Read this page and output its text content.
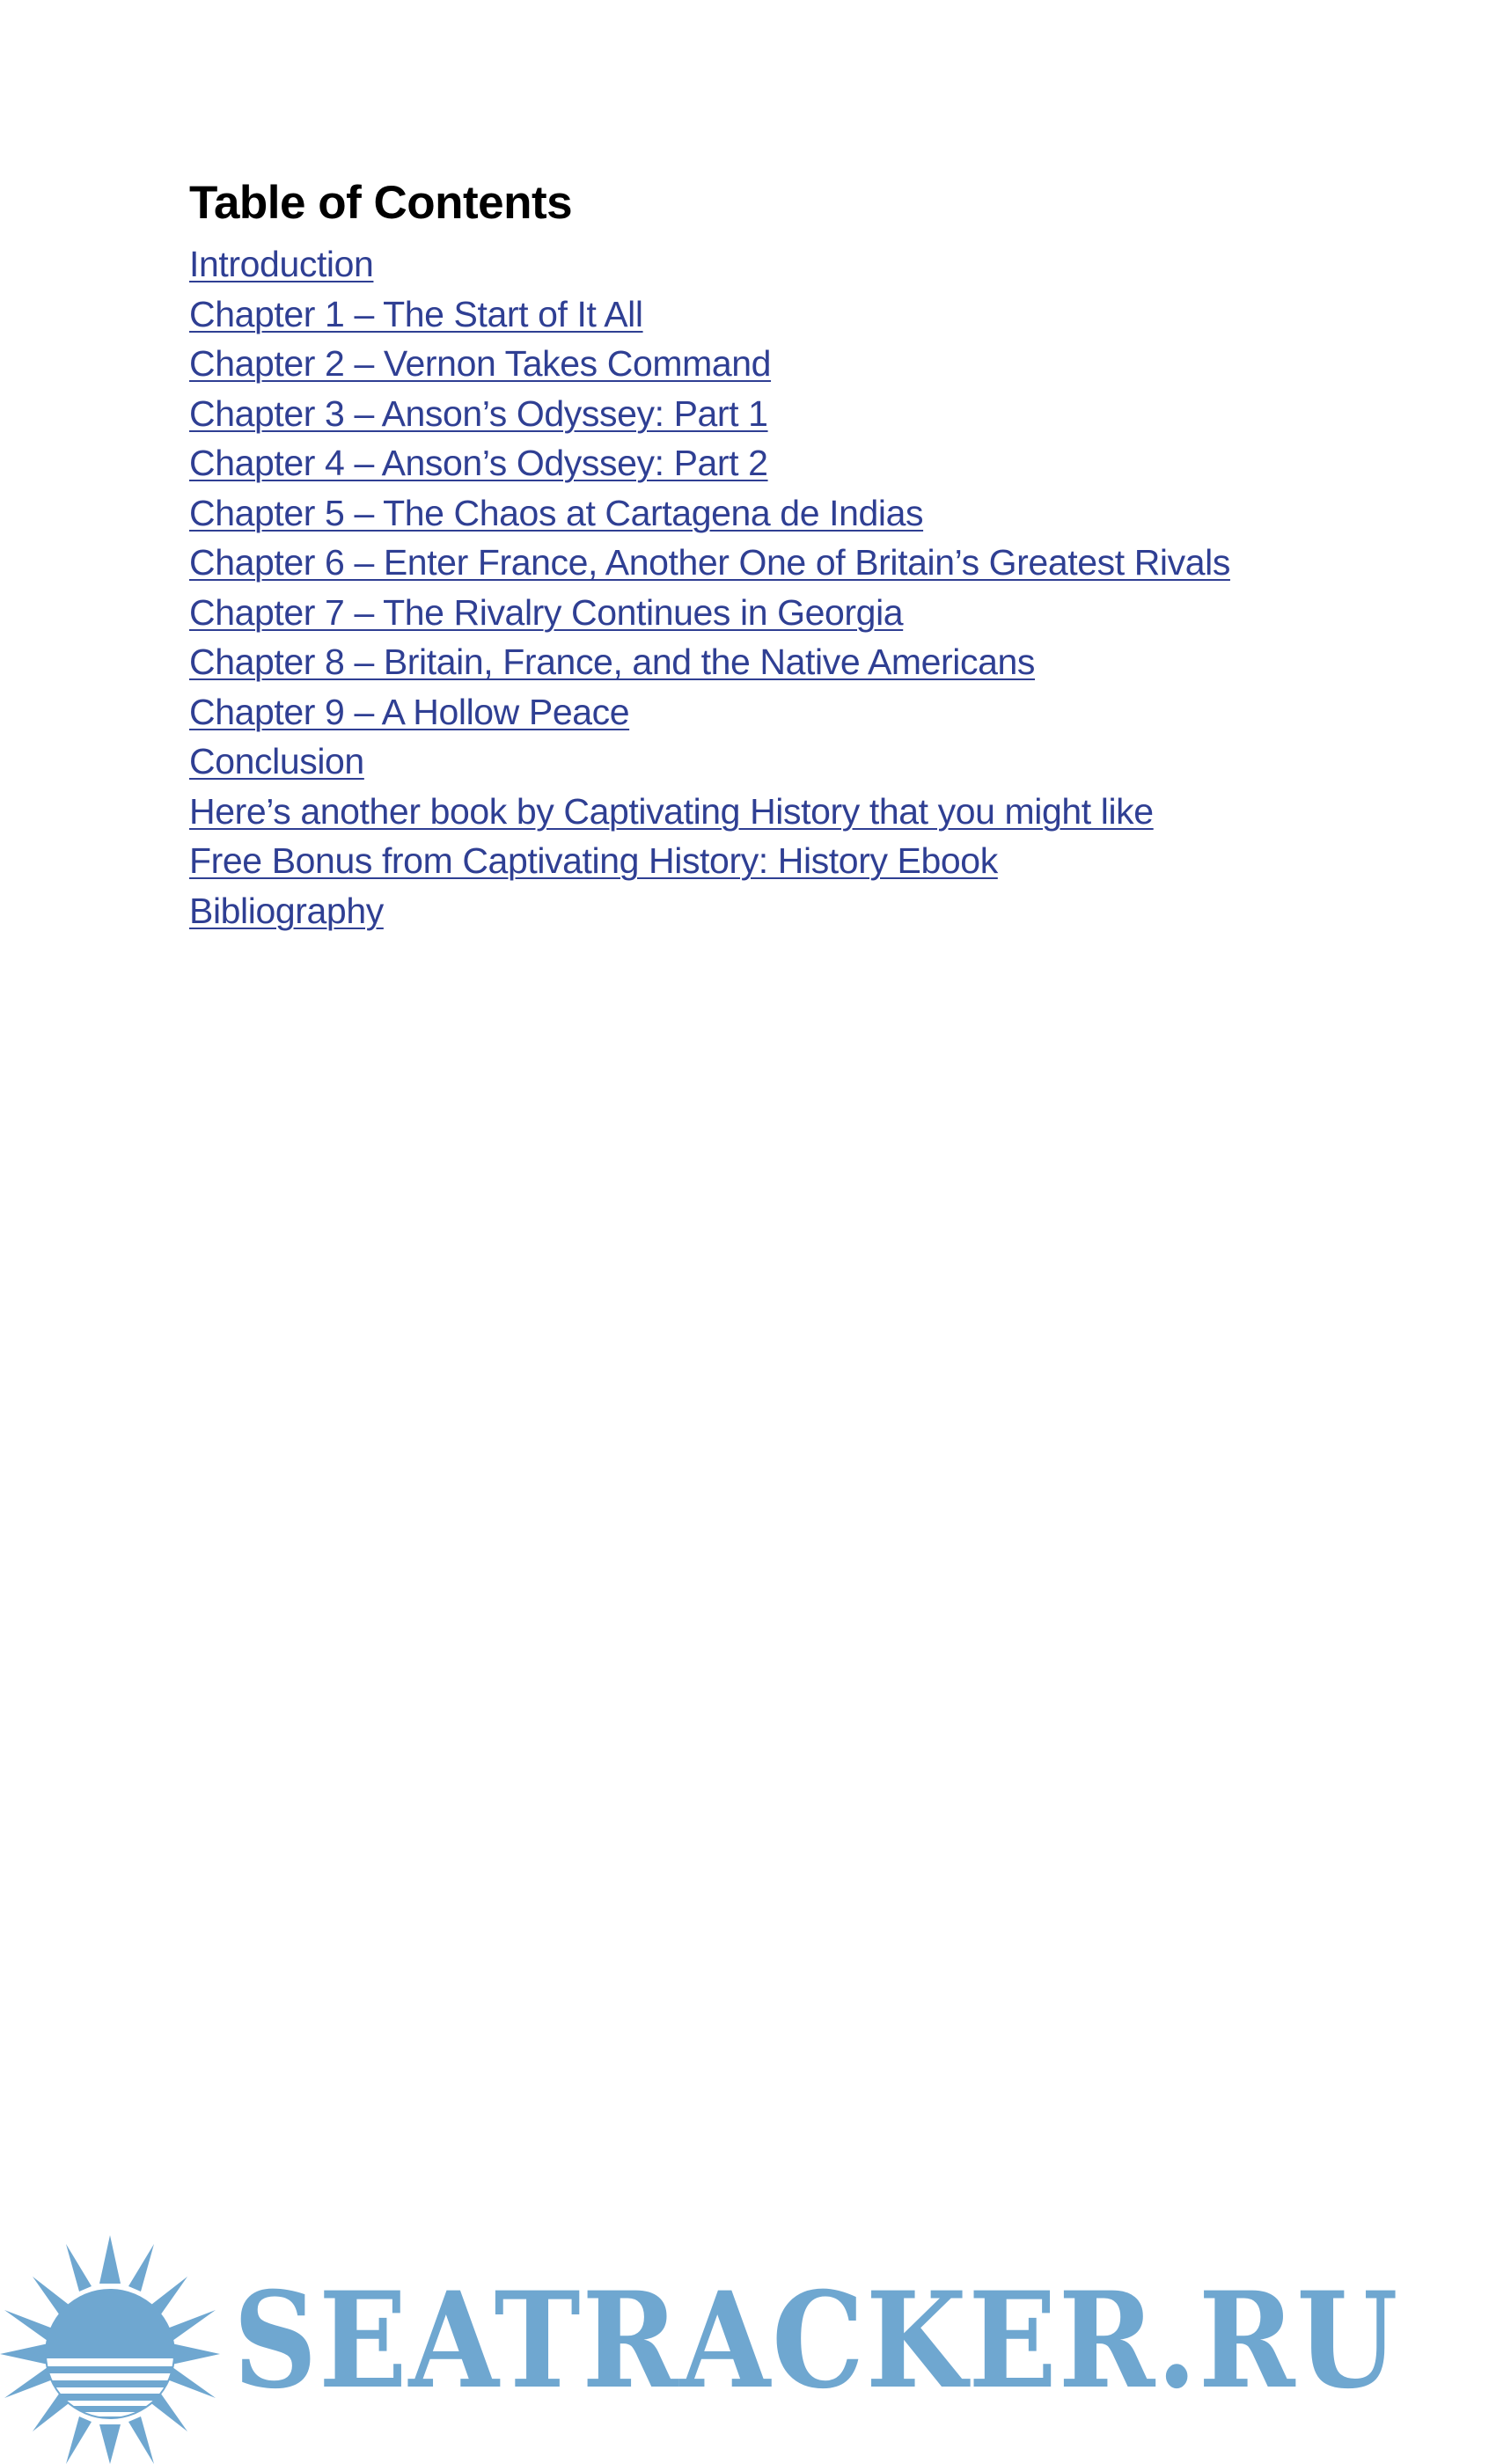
Table of Contents
Introduction
Chapter 1 – The Start of It All
Chapter 2 – Vernon Takes Command
Chapter 3 – Anson’s Odyssey: Part 1
Chapter 4 – Anson’s Odyssey: Part 2
Chapter 5 – The Chaos at Cartagena de Indias
Chapter 6 – Enter France, Another One of Britain’s Greatest Rivals
Chapter 7 – The Rivalry Continues in Georgia
Chapter 8 – Britain, France, and the Native Americans
Chapter 9 – A Hollow Peace
Conclusion
Here’s another book by Captivating History that you might like
Free Bonus from Captivating History: History Ebook
Bibliography
SEATRACKER.RU
